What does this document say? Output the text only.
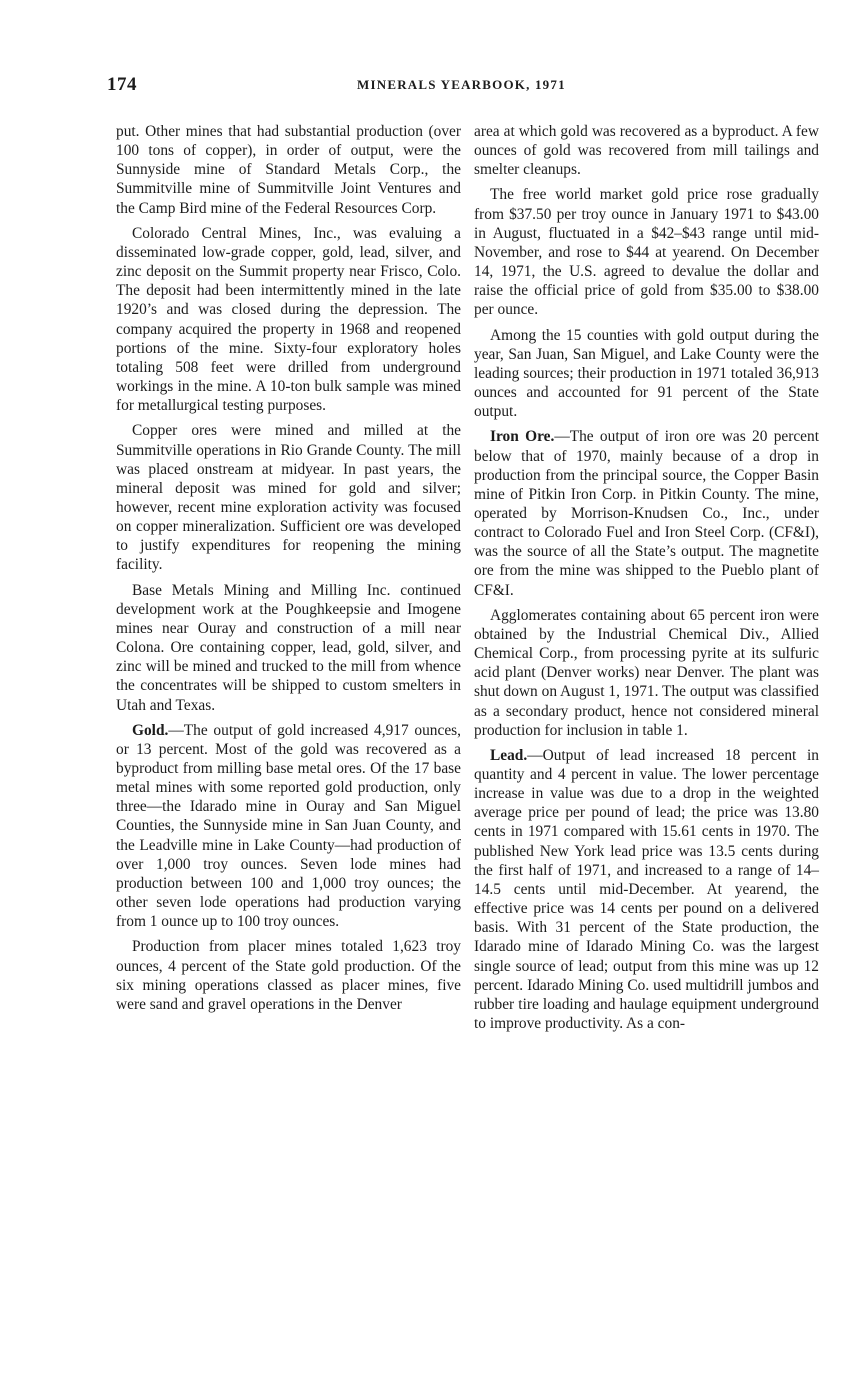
174	MINERALS YEARBOOK, 1971

put. Other mines that had substantial production (over 100 tons of copper), in order of output, were the Sunnyside mine of Standard Metals Corp., the Summitville mine of Summitville Joint Ventures and the Camp Bird mine of the Federal Resources Corp.

Colorado Central Mines, Inc., was evaluing a disseminated low-grade copper, gold, lead, silver, and zinc deposit on the Summit property near Frisco, Colo. The deposit had been intermittently mined in the late 1920’s and was closed during the depression. The company acquired the property in 1968 and reopened portions of the mine. Sixty-four exploratory holes totaling 508 feet were drilled from underground workings in the mine. A 10-ton bulk sample was mined for metallurgical testing purposes.

Copper ores were mined and milled at the Summitville operations in Rio Grande County. The mill was placed onstream at midyear. In past years, the mineral deposit was mined for gold and silver; however, recent mine exploration activity was focused on copper mineralization. Sufficient ore was developed to justify expenditures for reopening the mining facility.

Base Metals Mining and Milling Inc. continued development work at the Poughkeepsie and Imogene mines near Ouray and construction of a mill near Colona. Ore containing copper, lead, gold, silver, and zinc will be mined and trucked to the mill from whence the concentrates will be shipped to custom smelters in Utah and Texas.

Gold.—The output of gold increased 4,917 ounces, or 13 percent. Most of the gold was recovered as a byproduct from milling base metal ores. Of the 17 base metal mines with some reported gold production, only three—the Idarado mine in Ouray and San Miguel Counties, the Sunnyside mine in San Juan County, and the Leadville mine in Lake County—had production of over 1,000 troy ounces. Seven lode mines had production between 100 and 1,000 troy ounces; the other seven lode operations had production varying from 1 ounce up to 100 troy ounces.

Production from placer mines totaled 1,623 troy ounces, 4 percent of the State gold production. Of the six mining operations classed as placer mines, five were sand and gravel operations in the Denver

area at which gold was recovered as a byproduct. A few ounces of gold was recovered from mill tailings and smelter cleanups.

The free world market gold price rose gradually from $37.50 per troy ounce in January 1971 to $43.00 in August, fluctuated in a $42–$43 range until mid-November, and rose to $44 at yearend. On December 14, 1971, the U.S. agreed to devalue the dollar and raise the official price of gold from $35.00 to $38.00 per ounce.

Among the 15 counties with gold output during the year, San Juan, San Miguel, and Lake County were the leading sources; their production in 1971 totaled 36,913 ounces and accounted for 91 percent of the State output.

Iron Ore.—The output of iron ore was 20 percent below that of 1970, mainly because of a drop in production from the principal source, the Copper Basin mine of Pitkin Iron Corp. in Pitkin County. The mine, operated by Morrison-Knudsen Co., Inc., under contract to Colorado Fuel and Iron Steel Corp. (CF&I), was the source of all the State’s output. The magnetite ore from the mine was shipped to the Pueblo plant of CF&I.

Agglomerates containing about 65 percent iron were obtained by the Industrial Chemical Div., Allied Chemical Corp., from processing pyrite at its sulfuric acid plant (Denver works) near Denver. The plant was shut down on August 1, 1971. The output was classified as a secondary product, hence not considered mineral production for inclusion in table 1.

Lead.—Output of lead increased 18 percent in quantity and 4 percent in value. The lower percentage increase in value was due to a drop in the weighted average price per pound of lead; the price was 13.80 cents in 1971 compared with 15.61 cents in 1970. The published New York lead price was 13.5 cents during the first half of 1971, and increased to a range of 14–14.5 cents until mid-December. At yearend, the effective price was 14 cents per pound on a delivered basis. With 31 percent of the State production, the Idarado mine of Idarado Mining Co. was the largest single source of lead; output from this mine was up 12 percent. Idarado Mining Co. used multidrill jumbos and rubber tire loading and haulage equipment underground to improve productivity. As a con-
